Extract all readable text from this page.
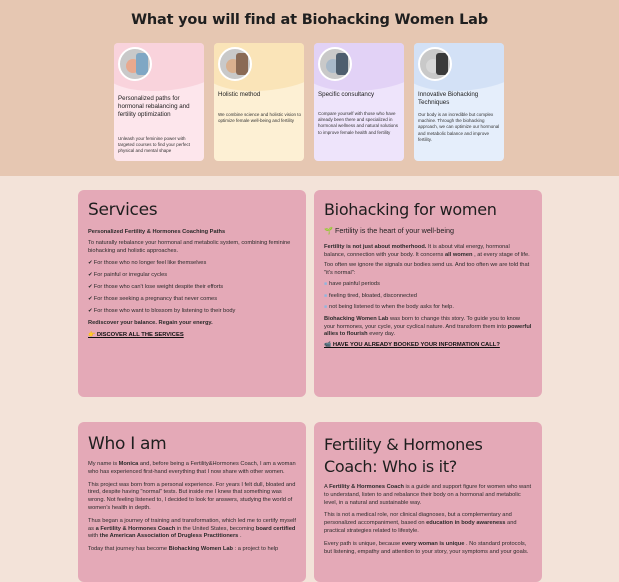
What you will find at Biohacking Women Lab
Personalized paths for hormonal rebalancing and fertility optimization

Unleash your feminine power with targeted courses to find your perfect physical and mental shape

Holistic method

We combine science and holistic vision to optimize female well-being and fertility

Specific consultancy

Compare yourself with those who have already been there and specialized in hormonal wellness and natural solutions to improve female health and fertility

Innovative Biohacking Techniques

Our body is an incredible but complex machine. Through the biohacking approach, we can optimize our hormonal and metabolic balance and improve fertility.

Services

Personalized Fertility & Hormones Coaching Paths

To naturally rebalance your hormonal and metabolic system, combining feminine biohacking and holistic approaches.

✔ For those who no longer feel like themselves
✔ For painful or irregular cycles
✔ For those who can't lose weight despite their efforts
✔ For those seeking a pregnancy that never comes
✔ For those who want to blossom by listening to their body

Rediscover your balance. Regain your energy.

👉 DISCOVER ALL THE SERVICES

Biohacking for women

🌱 Fertility is the heart of your well-being

Fertility is not just about motherhood. It is about vital energy, hormonal balance, connection with your body. It concerns all women , at every stage of life.

Too often we ignore the signals our bodies send us. And too often we are told that "it's normal":

■ have painful periods
■ feeling tired, bloated, disconnected
■ not being listened to when the body asks for help.

Biohacking Women Lab was born to change this story. To guide you to know your hormones, your cycle, your cyclical nature. And transform them into powerful allies to flourish every day.

📹 HAVE YOU ALREADY BOOKED YOUR INFORMATION CALL?

Who I am

My name is Monica and, before being a Fertility&Hormones Coach, I am a woman who has experienced first-hand everything that I now share with other women.

This project was born from a personal experience. For years I felt dull, bloated and tired, despite having "normal" tests. But inside me I knew that something was wrong. Not feeling listened to, I decided to look for answers, studying the world of women's health in depth.

Thus began a journey of training and transformation, which led me to certify myself as a Fertility & Hormones Coach in the United States, becoming board certified with the American Association of Drugless Practitioners .

Today that journey has become Biohacking Women Lab : a project to help

Fertility & Hormones Coach: Who is it?

A Fertility & Hormones Coach is a guide and support figure for women who want to understand, listen to and rebalance their body on a hormonal and metabolic level, in a natural and sustainable way.

This is not a medical role, nor clinical diagnoses, but a complementary and personalized accompaniment, based on education in body awareness and practical strategies related to lifestyle.

Every path is unique, because every woman is unique . No standard protocols, but listening, empathy and attention to your story, your symptoms and your goals.
